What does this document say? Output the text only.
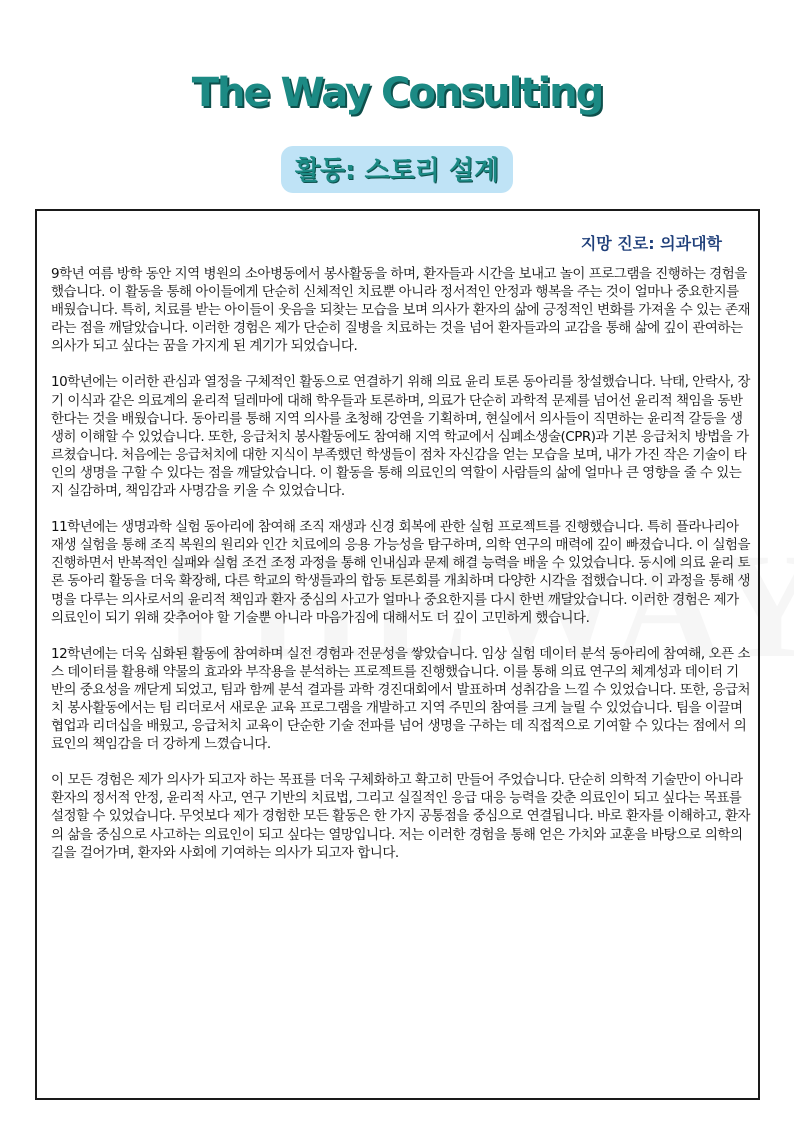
The Way Consulting
활동: 스토리 설계
지망 진로: 의과대학

9학년 여름 방학 동안 지역 병원의 소아병동에서 봉사활동을 하며, 환자들과 시간을 보내고 놀이 프로그램을 진행하는 경험을 했습니다. 이 활동을 통해 아이들에게 단순히 신체적인 치료뿐 아니라 정서적인 안정과 행복을 주는 것이 얼마나 중요한지를 배웠습니다. 특히, 치료를 받는 아이들이 웃음을 되찾는 모습을 보며 의사가 환자의 삶에 긍정적인 변화를 가져올 수 있는 존재라는 점을 깨달았습니다. 이러한 경험은 제가 단순히 질병을 치료하는 것을 넘어 환자들과의 교감을 통해 삶에 깊이 관여하는 의사가 되고 싶다는 꿈을 가지게 된 계기가 되었습니다.

10학년에는 이러한 관심과 열정을 구체적인 활동으로 연결하기 위해 의료 윤리 토론 동아리를 창설했습니다. 낙태, 안락사, 장기 이식과 같은 의료계의 윤리적 딜레마에 대해 학우들과 토론하며, 의료가 단순히 과학적 문제를 넘어선 윤리적 책임을 동반한다는 것을 배웠습니다. 동아리를 통해 지역 의사를 초청해 강연을 기획하며, 현실에서 의사들이 직면하는 윤리적 갈등을 생생히 이해할 수 있었습니다. 또한, 응급처치 봉사활동에도 참여해 지역 학교에서 심폐소생술(CPR)과 기본 응급처치 방법을 가르쳤습니다. 처음에는 응급처치에 대한 지식이 부족했던 학생들이 점차 자신감을 얻는 모습을 보며, 내가 가진 작은 기술이 타인의 생명을 구할 수 있다는 점을 깨달았습니다. 이 활동을 통해 의료인의 역할이 사람들의 삶에 얼마나 큰 영향을 줄 수 있는지 실감하며, 책임감과 사명감을 키울 수 있었습니다.

11학년에는 생명과학 실험 동아리에 참여해 조직 재생과 신경 회복에 관한 실험 프로젝트를 진행했습니다. 특히 플라나리아 재생 실험을 통해 조직 복원의 원리와 인간 치료에의 응용 가능성을 탐구하며, 의학 연구의 매력에 깊이 빠졌습니다. 이 실험을 진행하면서 반복적인 실패와 실험 조건 조정 과정을 통해 인내심과 문제 해결 능력을 배울 수 있었습니다. 동시에 의료 윤리 토론 동아리 활동을 더욱 확장해, 다른 학교의 학생들과의 합동 토론회를 개최하며 다양한 시각을 접했습니다. 이 과정을 통해 생명을 다루는 의사로서의 윤리적 책임과 환자 중심의 사고가 얼마나 중요한지를 다시 한번 깨달았습니다. 이러한 경험은 제가 의료인이 되기 위해 갖추어야 할 기술뿐 아니라 마음가짐에 대해서도 더 깊이 고민하게 했습니다.

12학년에는 더욱 심화된 활동에 참여하며 실전 경험과 전문성을 쌓았습니다. 임상 실험 데이터 분석 동아리에 참여해, 오픈 소스 데이터를 활용해 약물의 효과와 부작용을 분석하는 프로젝트를 진행했습니다. 이를 통해 의료 연구의 체계성과 데이터 기반의 중요성을 깨닫게 되었고, 팀과 함께 분석 결과를 과학 경진대회에서 발표하며 성취감을 느낄 수 있었습니다. 또한, 응급처치 봉사활동에서는 팀 리더로서 새로운 교육 프로그램을 개발하고 지역 주민의 참여를 크게 늘릴 수 있었습니다. 팀을 이끌며 협업과 리더십을 배웠고, 응급처치 교육이 단순한 기술 전파를 넘어 생명을 구하는 데 직접적으로 기여할 수 있다는 점에서 의료인의 책임감을 더 강하게 느꼈습니다.

이 모든 경험은 제가 의사가 되고자 하는 목표를 더욱 구체화하고 확고히 만들어 주었습니다. 단순히 의학적 기술만이 아니라 환자의 정서적 안정, 윤리적 사고, 연구 기반의 치료법, 그리고 실질적인 응급 대응 능력을 갖춘 의료인이 되고 싶다는 목표를 설정할 수 있었습니다. 무엇보다 제가 경험한 모든 활동은 한 가지 공통점을 중심으로 연결됩니다. 바로 환자를 이해하고, 환자의 삶을 중심으로 사고하는 의료인이 되고 싶다는 열망입니다. 저는 이러한 경험을 통해 얻은 가치와 교훈을 바탕으로 의학의 길을 걸어가며, 환자와 사회에 기여하는 의사가 되고자 합니다.
